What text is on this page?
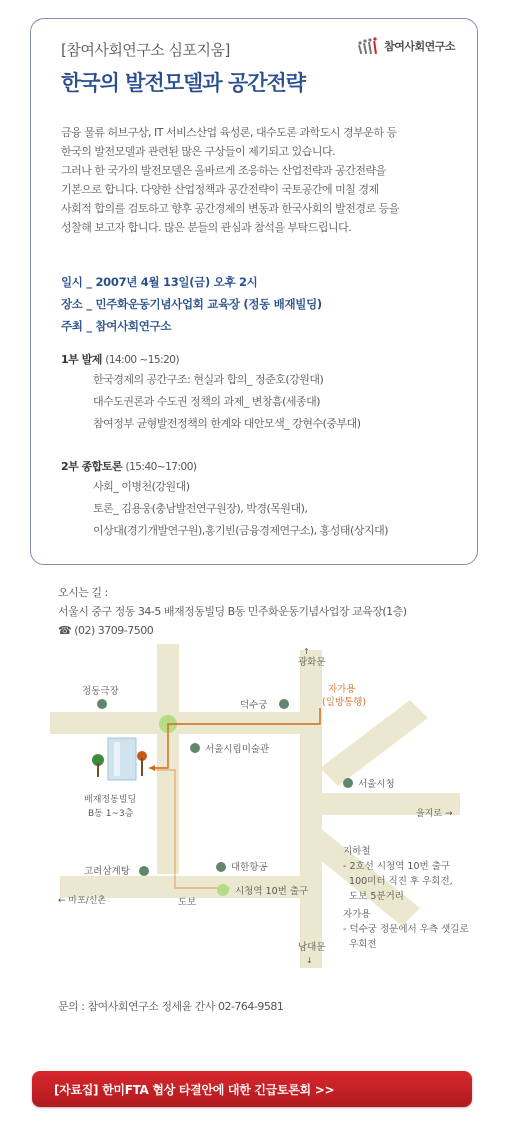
[참여사회연구소 심포지움]	참여사회연구소
한국의 발전모델과 공간전략

금융 물류 허브구상, IT 서비스산업 육성론, 대수도론 과학도시 경부운하 등

한국의 발전모델과 관련된 많은 구상들이 제기되고 있습니다.

그러나 한 국가의 발전모델은 올바르게 조응하는 산업전략과 공간전략을

기본으로 합니다. 다양한 산업정책과 공간전략이 국토공간에 미칠 경제

사회적 합의를 검토하고 향후 공간경제의 변동과 한국사회의 발전경로 등을

성찰해 보고자 합니다. 많은 분들의 관심과 참석을 부탁드립니다.

일시 _ 2007년 4월 13일(금) 오후 2시
장소 _ 민주화운동기념사업회 교육장 (정동 배재빌딩)
주최 _ 참여사회연구소
1부 발제 (14:00 ~15:20)
한국경제의 공간구조: 현실과 합의_ 정준호(강원대)
대수도권론과 수도권 정책의 과제_ 변창흠(세종대)
참여정부 균형발전정책의 한계와 대안모색_ 강현수(중부대)
2부 종합토론 (15:40~17:00)
사회_ 이병천(강원대)
토론_ 김용웅(충남발전연구원장), 박경(목원대),
이상대(경기개발연구원),홍기빈(금융경제연구소), 홍성태(상지대)
오시는 길 :
서울시 중구 정동 34-5 배재정동빌딩 B동 민주화운동기념사업장 교육장(1층)
☎ (02) 3709-7500
↑
광화문
자가용
(일방통행)
정동극장
덕수궁
서울시립미술관
배재정동빌딩
B동 1~3층
서울시청
을지로 →
고려삼계탕	대한항공
시청역 10번 출구
← 마포/신촌	도보
남대문
↓
지하철
- 2호선 시청역 10번 출구
100미터 직진 후 우회전,
도보 5분거리
자가용
- 덕수궁 정문에서 우측 샛길로
우회전
문의 : 참여사회연구소 정세윤 간사 02-764-9581
[자료집] 한미FTA 협상 타결안에 대한 긴급토론회 >>
